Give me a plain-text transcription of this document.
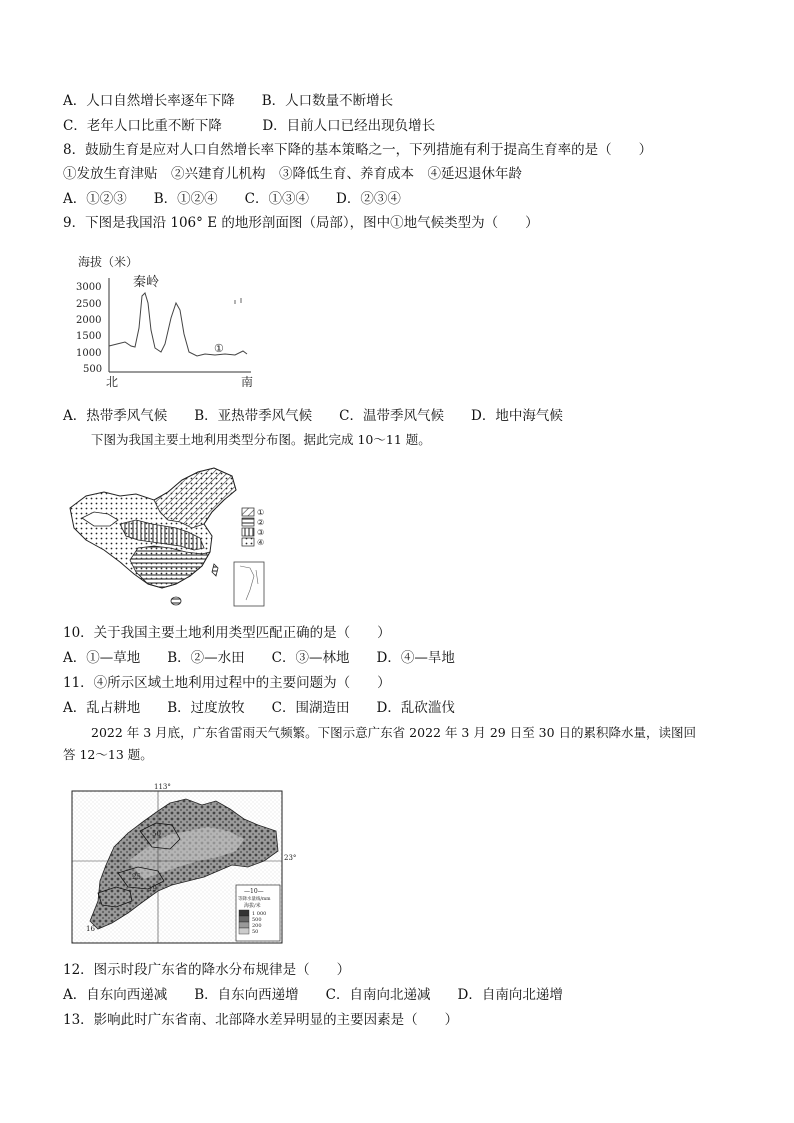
A．人口自然增长率逐年下降　　B．人口数量不断增长
C．老年人口比重不断下降　　　D．目前人口已经出现负增长
8．鼓励生育是应对人口自然增长率下降的基本策略之一，下列措施有利于提高生育率的是（　　）
①发放生育津贴　②兴建育儿机构　③降低生育、养育成本　④延迟退休年龄
A．①②③　　B．①②④　　C．①③④　　D．②③④
9．下图是我国沿 106° E 的地形剖面图（局部），图中①地气候类型为（　　）
海拔（米）
3000
2500
2000
1500
1000
500
秦岭
①
北	南
A．热带季风气候　　B．亚热带季风气候　　C．温带季风气候　　D．地中海气候
下图为我国主要土地利用类型分布图。据此完成 10～11 题。
①
②
③
④
10．关于我国主要土地利用类型匹配正确的是（　　）
A．①—草地　　B．②—水田　　C．③—林地　　D．④—旱地
11．④所示区域土地利用过程中的主要问题为（　　）
A．乱占耕地　　B．过度放牧　　C．围湖造田　　D．乱砍滥伐
2022 年 3 月底，广东省雷雨天气频繁。下图示意广东省 2022 年 3 月 29 日至 30 日的累积降水量，读图回
答 12～13 题。
113°
23°
50
25
19
16
—10—
等降水量线/mm
海拔/米
1 000
500
200
50
12．图示时段广东省的降水分布规律是（　　）
A．自东向西递减　　B．自东向西递增　　C．自南向北递减　　D．自南向北递增
13．影响此时广东省南、北部降水差异明显的主要因素是（　　）
